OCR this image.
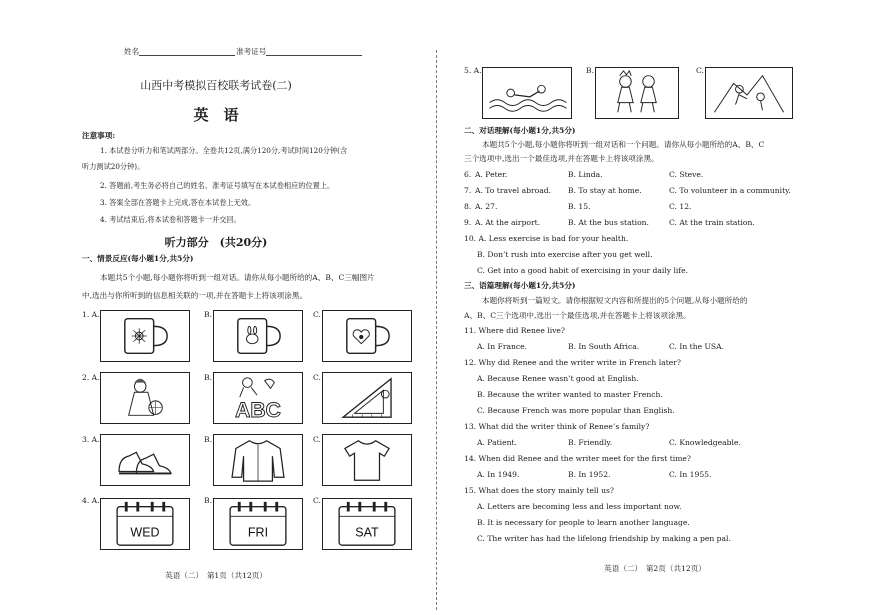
姓名	准考证号
山西中考模拟百校联考试卷(二)
英　语
注意事项:
1. 本试卷分听力和笔试两部分。全卷共12页,满分120分,考试时间120分钟(含
听力测试20分钟)。
2. 答题前,考生务必将自己的姓名、准考证号填写在本试卷相应的位置上。
3. 答案全部在答题卡上完成,答在本试卷上无效。
4. 考试结束后,将本试卷和答题卡一并交回。
听力部分　(共20分)
一、情景反应(每小题1分,共5分)
本题共5个小题,每小题你将听到一组对话。请你从每小题所给的A、B、C三幅图片
中,选出与你所听到的信息相关联的一项,并在答题卡上将该项涂黑。
1. A.	B.	C.
2. A.	B.	C.
ABC
3. A.	B.	C.
4. A.	B.	C.
WED	FRI	SAT
英语（二）　第1页（共12页）
5. A.	B.	C.
二、对话理解(每小题1分,共5分)
本题共5个小题,每小题你将听到一组对话和一个问题。请你从每小题所给的A、B、C
三个选项中,选出一个最佳选项,并在答题卡上将该项涂黑。
6. A. Peter.	B. Linda.	C. Steve.
7. A. To travel abroad. B. To stay at home.	C. To volunteer in a community.
8. A. 27.	B. 15.	C. 12.
9. A. At the airport.	B. At the bus station.	C. At the train station.
10. A. Less exercise is bad for your health.
B. Don’t rush into exercise after you get well.
C. Get into a good habit of exercising in your daily life.
三、语篇理解(每小题1分,共5分)
本题你将听到一篇短文。请你根据短文内容和所提出的5个问题,从每小题所给的
A、B、C三个选项中,选出一个最佳选项,并在答题卡上将该项涂黑。
11. Where did Renee live?
A. In France.	B. In South Africa.	C. In the USA.
12. Why did Renee and the writer write in French later?
A. Because Renee wasn’t good at English.
B. Because the writer wanted to master French.
C. Because French was more popular than English.
13. What did the writer think of Renee’s family?
A. Patient.	B. Friendly.	C. Knowledgeable.
14. When did Renee and the writer meet for the first time?
A. In 1949.	B. In 1952.	C. In 1955.
15. What does the story mainly tell us?
A. Letters are becoming less and less important now.
B. It is necessary for people to learn another language.
C. The writer has had the lifelong friendship by making a pen pal.
英语（二）　第2页（共12页）
